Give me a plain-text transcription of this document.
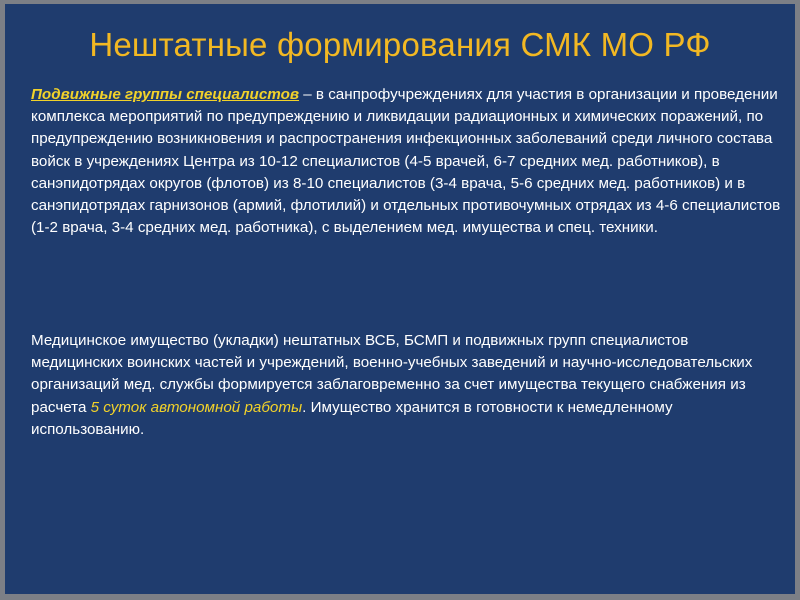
Нештатные формирования СМК МО РФ

Подвижные группы специалистов – в санпрофучреждениях для участия в организации и проведении комплекса мероприятий по предупреждению и ликвидации радиационных и химических поражений, по предупреждению возникновения и распространения инфекционных заболеваний среди личного состава войск в учреждениях Центра из 10-12 специалистов (4-5 врачей, 6-7 средних мед. работников), в санэпидотрядах округов (флотов) из 8-10 специалистов (3-4 врача, 5-6 средних мед. работников) и в санэпидотрядах гарнизонов (армий, флотилий) и отдельных противочумных отрядах из 4-6 специалистов (1-2 врача, 3-4 средних мед. работника), с выделением мед. имущества и спец. техники.

Медицинское имущество (укладки) нештатных ВСБ, БСМП и подвижных групп специалистов медицинских воинских частей и учреждений, военно-учебных заведений и научно-исследовательских организаций мед. службы формируется заблаговременно за счет имущества текущего снабжения из расчета 5 суток автономной работы. Имущество хранится в готовности к немедленному использованию.
